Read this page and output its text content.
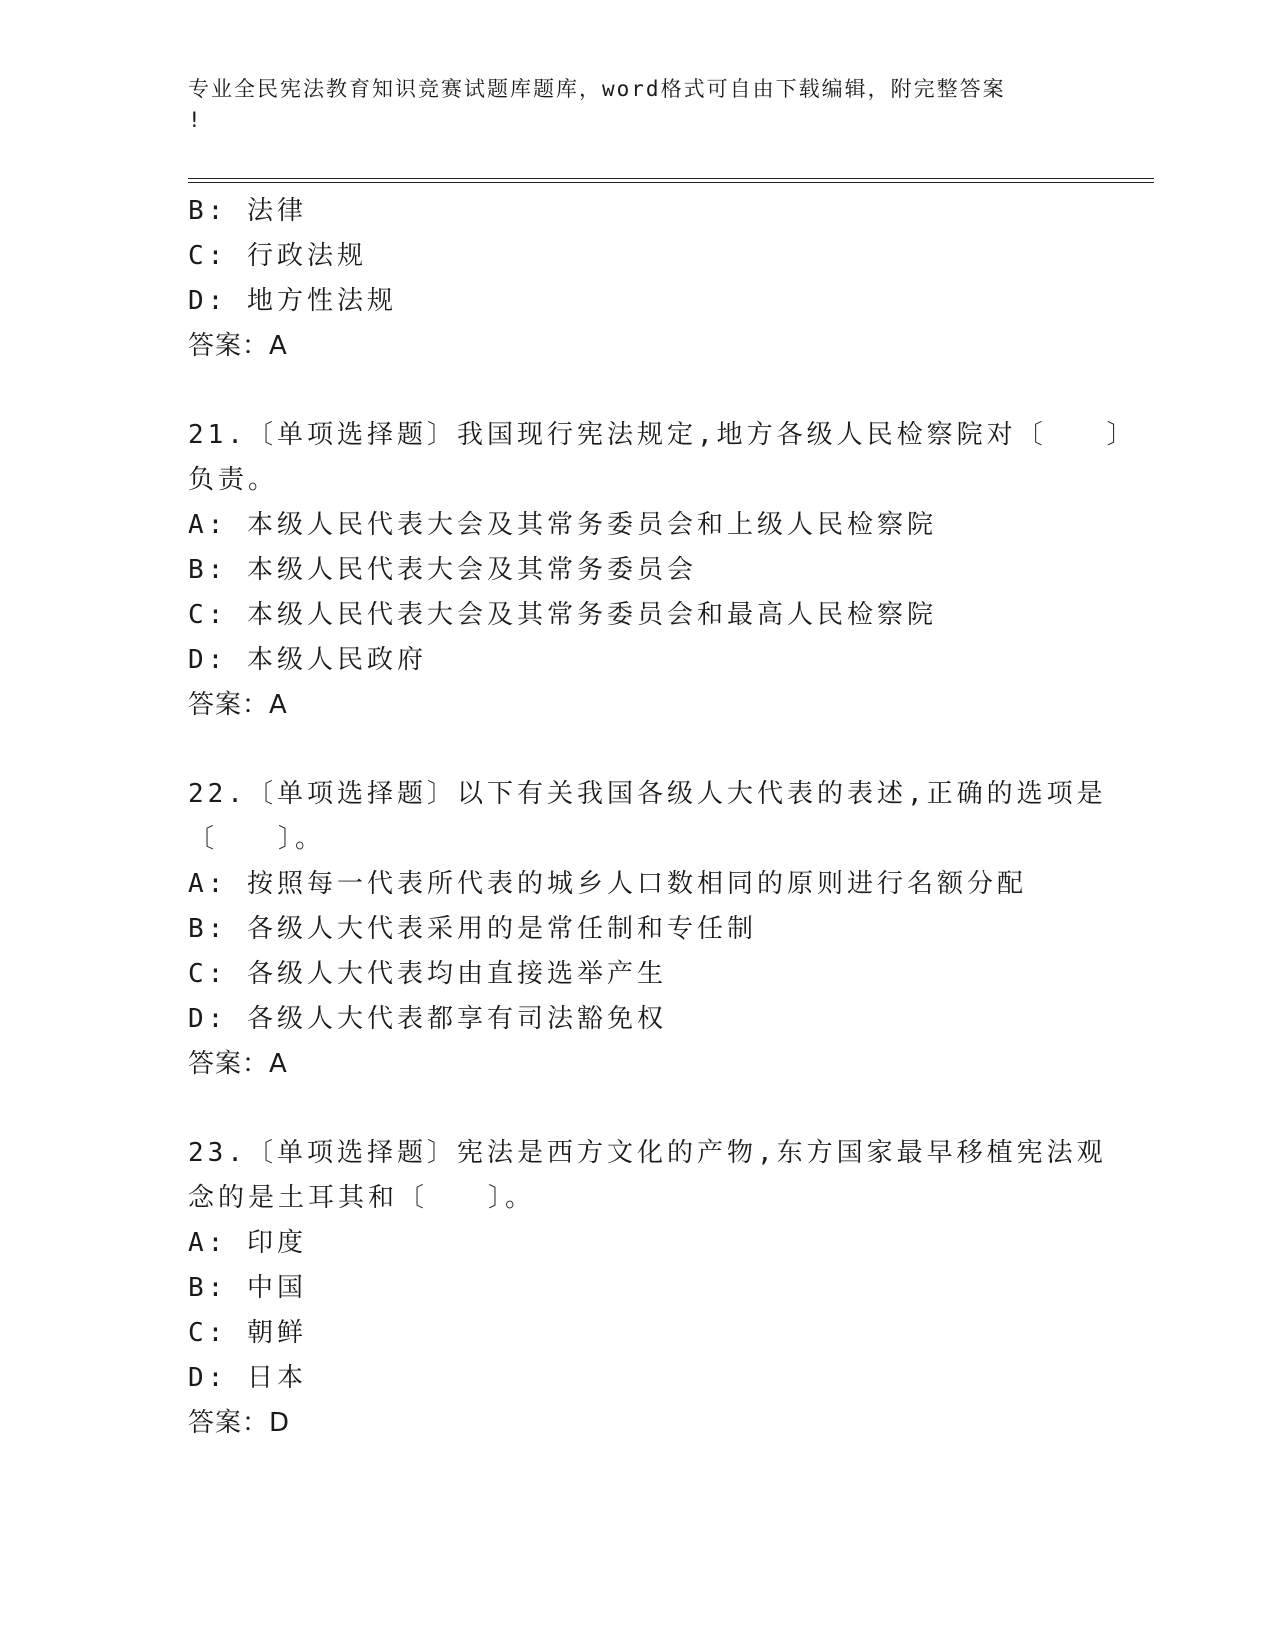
专业全民宪法教育知识竞赛试题库题库，word格式可自由下载编辑，附完整答案
!
B: 法律
C: 行政法规
D: 地方性法规
答案：A
21.〔单项选择题〕我国现行宪法规定,地方各级人民检察院对〔　　〕
负责。
A: 本级人民代表大会及其常务委员会和上级人民检察院
B: 本级人民代表大会及其常务委员会
C: 本级人民代表大会及其常务委员会和最高人民检察院
D: 本级人民政府
答案：A
22.〔单项选择题〕以下有关我国各级人大代表的表述,正确的选项是
〔　　〕。
A: 按照每一代表所代表的城乡人口数相同的原则进行名额分配
B: 各级人大代表采用的是常任制和专任制
C: 各级人大代表均由直接选举产生
D: 各级人大代表都享有司法豁免权
答案：A
23.〔单项选择题〕宪法是西方文化的产物,东方国家最早移植宪法观
念的是土耳其和〔　　〕。
A: 印度
B: 中国
C: 朝鲜
D: 日本
答案：D
